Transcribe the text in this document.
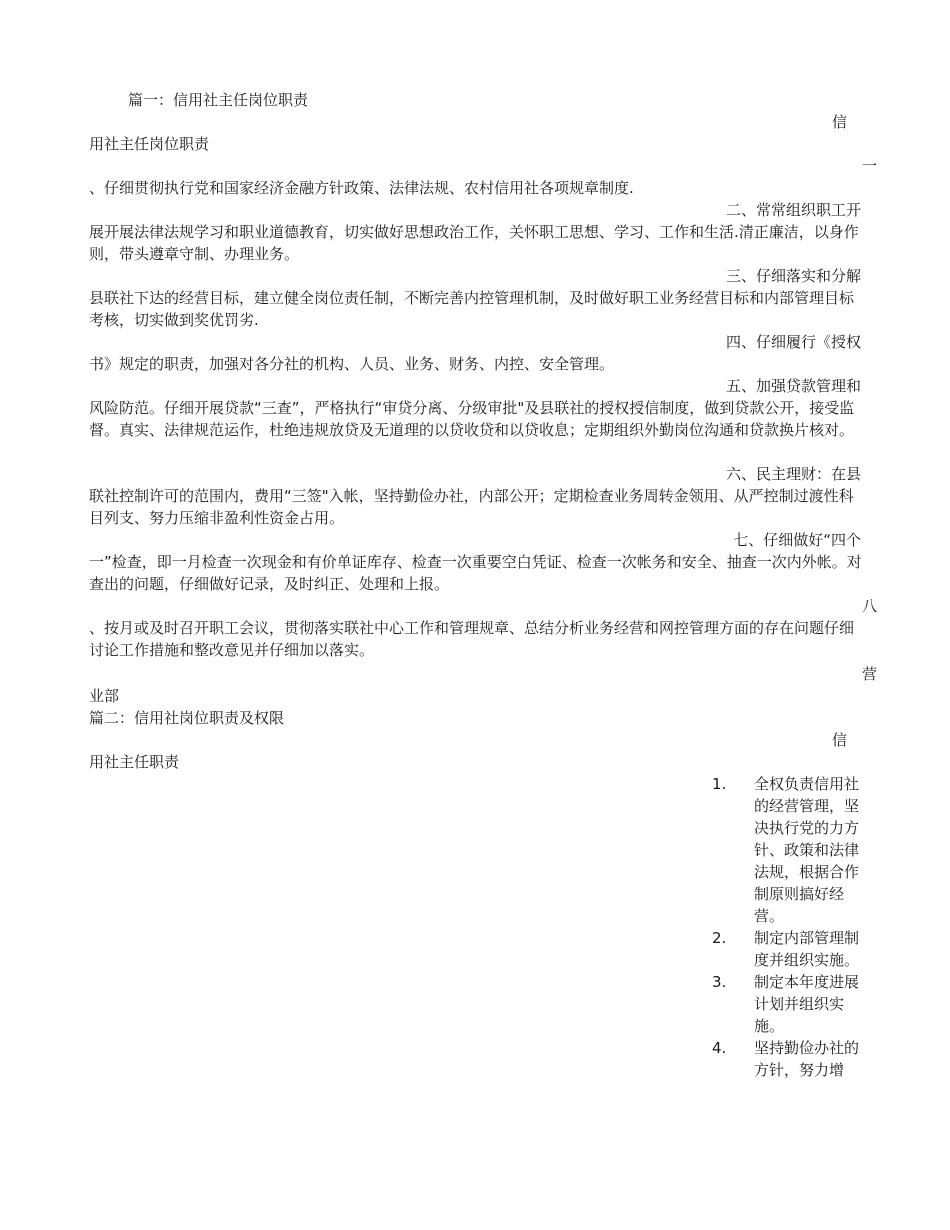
篇一：信用社主任岗位职责
信
用社主任岗位职责
一
、仔细贯彻执行党和国家经济金融方针政策、法律法规、农村信用社各项规章制度.
二、常常组织职工开
展开展法律法规学习和职业道德教育，切实做好思想政治工作，关怀职工思想、学习、工作和生活.清正廉洁，以身作则，带头遵章守制、办理业务。
三、仔细落实和分解
县联社下达的经营目标，建立健全岗位责任制，不断完善内控管理机制，及时做好职工业务经营目标和内部管理目标考核，切实做到奖优罚劣.
四、仔细履行《授权
书》规定的职责，加强对各分社的机构、人员、业务、财务、内控、安全管理。
五、加强贷款管理和
风险防范。仔细开展贷款“三查”，严格执行“审贷分离、分级审批"及县联社的授权授信制度，做到贷款公开，接受监督。真实、法律规范运作，杜绝违规放贷及无道理的以贷收贷和以贷收息；定期组织外勤岗位沟通和贷款换片核对。
六、民主理财：在县
联社控制许可的范围内，费用“三签"入帐，坚持勤俭办社，内部公开；定期检查业务周转金领用、从严控制过渡性科目列支、努力压缩非盈利性资金占用。
七、仔细做好“四个
一”检查，即一月检查一次现金和有价单证库存、检查一次重要空白凭证、检查一次帐务和安全、抽查一次内外帐。对查出的问题，仔细做好记录，及时纠正、处理和上报。
八
、按月或及时召开职工会议，贯彻落实联社中心工作和管理规章、总结分析业务经营和网控管理方面的存在问题仔细讨论工作措施和整改意见并仔细加以落实。
营
业部
篇二：信用社岗位职责及权限
信
用社主任职责
1.	全权负责信用社的经营管理，坚决执行党的力方针、政策和法律法规，根据合作制原则搞好经营。
2.	制定内部管理制度并组织实施。
3.	制定本年度进展计划并组织实施。
4.	坚持勤俭办社的方针，努力增
